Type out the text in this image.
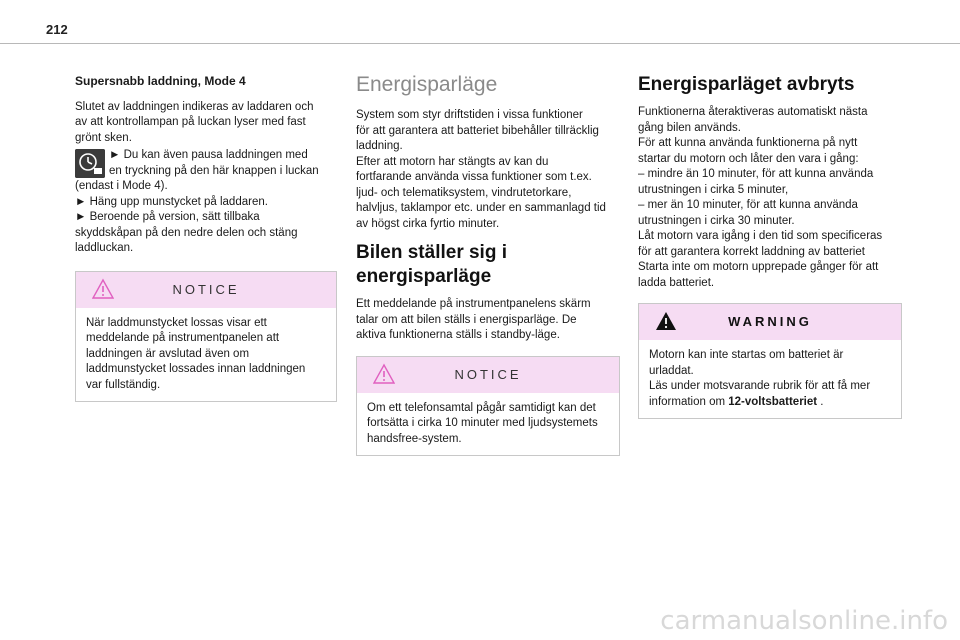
212
Supersnabb laddning, Mode 4

Slutet av laddningen indikeras av laddaren och
av att kontrollampan på luckan lyser med fast
grönt sken.

► Du kan även pausa laddningen med
en tryckning på den här knappen i luckan
(endast i Mode 4).
► Häng upp munstycket på laddaren.
► Beroende på version, sätt tillbaka
skyddskåpan på den nedre delen och stäng
laddluckan.
NOTICE

När laddmunstycket lossas visar ett
meddelande på instrumentpanelen att
laddningen är avslutad även om
laddmunstycket lossades innan laddningen
var fullständig.

Energisparläge

System som styr driftstiden i vissa funktioner
för att garantera att batteriet bibehåller tillräcklig
laddning.
Efter att motorn har stängts av kan du
fortfarande använda vissa funktioner som t.ex.
ljud- och telematiksystem, vindrutetorkare,
halvljus, taklampor etc. under en sammanlagd tid
av högst cirka fyrtio minuter.

Bilen ställer sig i
energisparläge

Ett meddelande på instrumentpanelens skärm
talar om att bilen ställs i energisparläge. De
aktiva funktionerna ställs i standby-läge.

NOTICE

Om ett telefonsamtal pågår samtidigt kan det
fortsätta i cirka 10 minuter med ljudsystemets
handsfree-system.

Energisparläget avbryts

Funktionerna återaktiveras automatiskt nästa
gång bilen används.
För att kunna använda funktionerna på nytt
startar du motorn och låter den vara i gång:
– mindre än 10 minuter, för att kunna använda
utrustningen i cirka 5 minuter,
– mer än 10 minuter, för att kunna använda
utrustningen i cirka 30 minuter.
Låt motorn vara igång i den tid som specificeras
för att garantera korrekt laddning av batteriet
Starta inte om motorn upprepade gånger för att
ladda batteriet.

WARNING

Motorn kan inte startas om batteriet är
urladdat.
Läs under motsvarande rubrik för att få mer
information om 12-voltsbatteriet .

carmanualsonline.info
